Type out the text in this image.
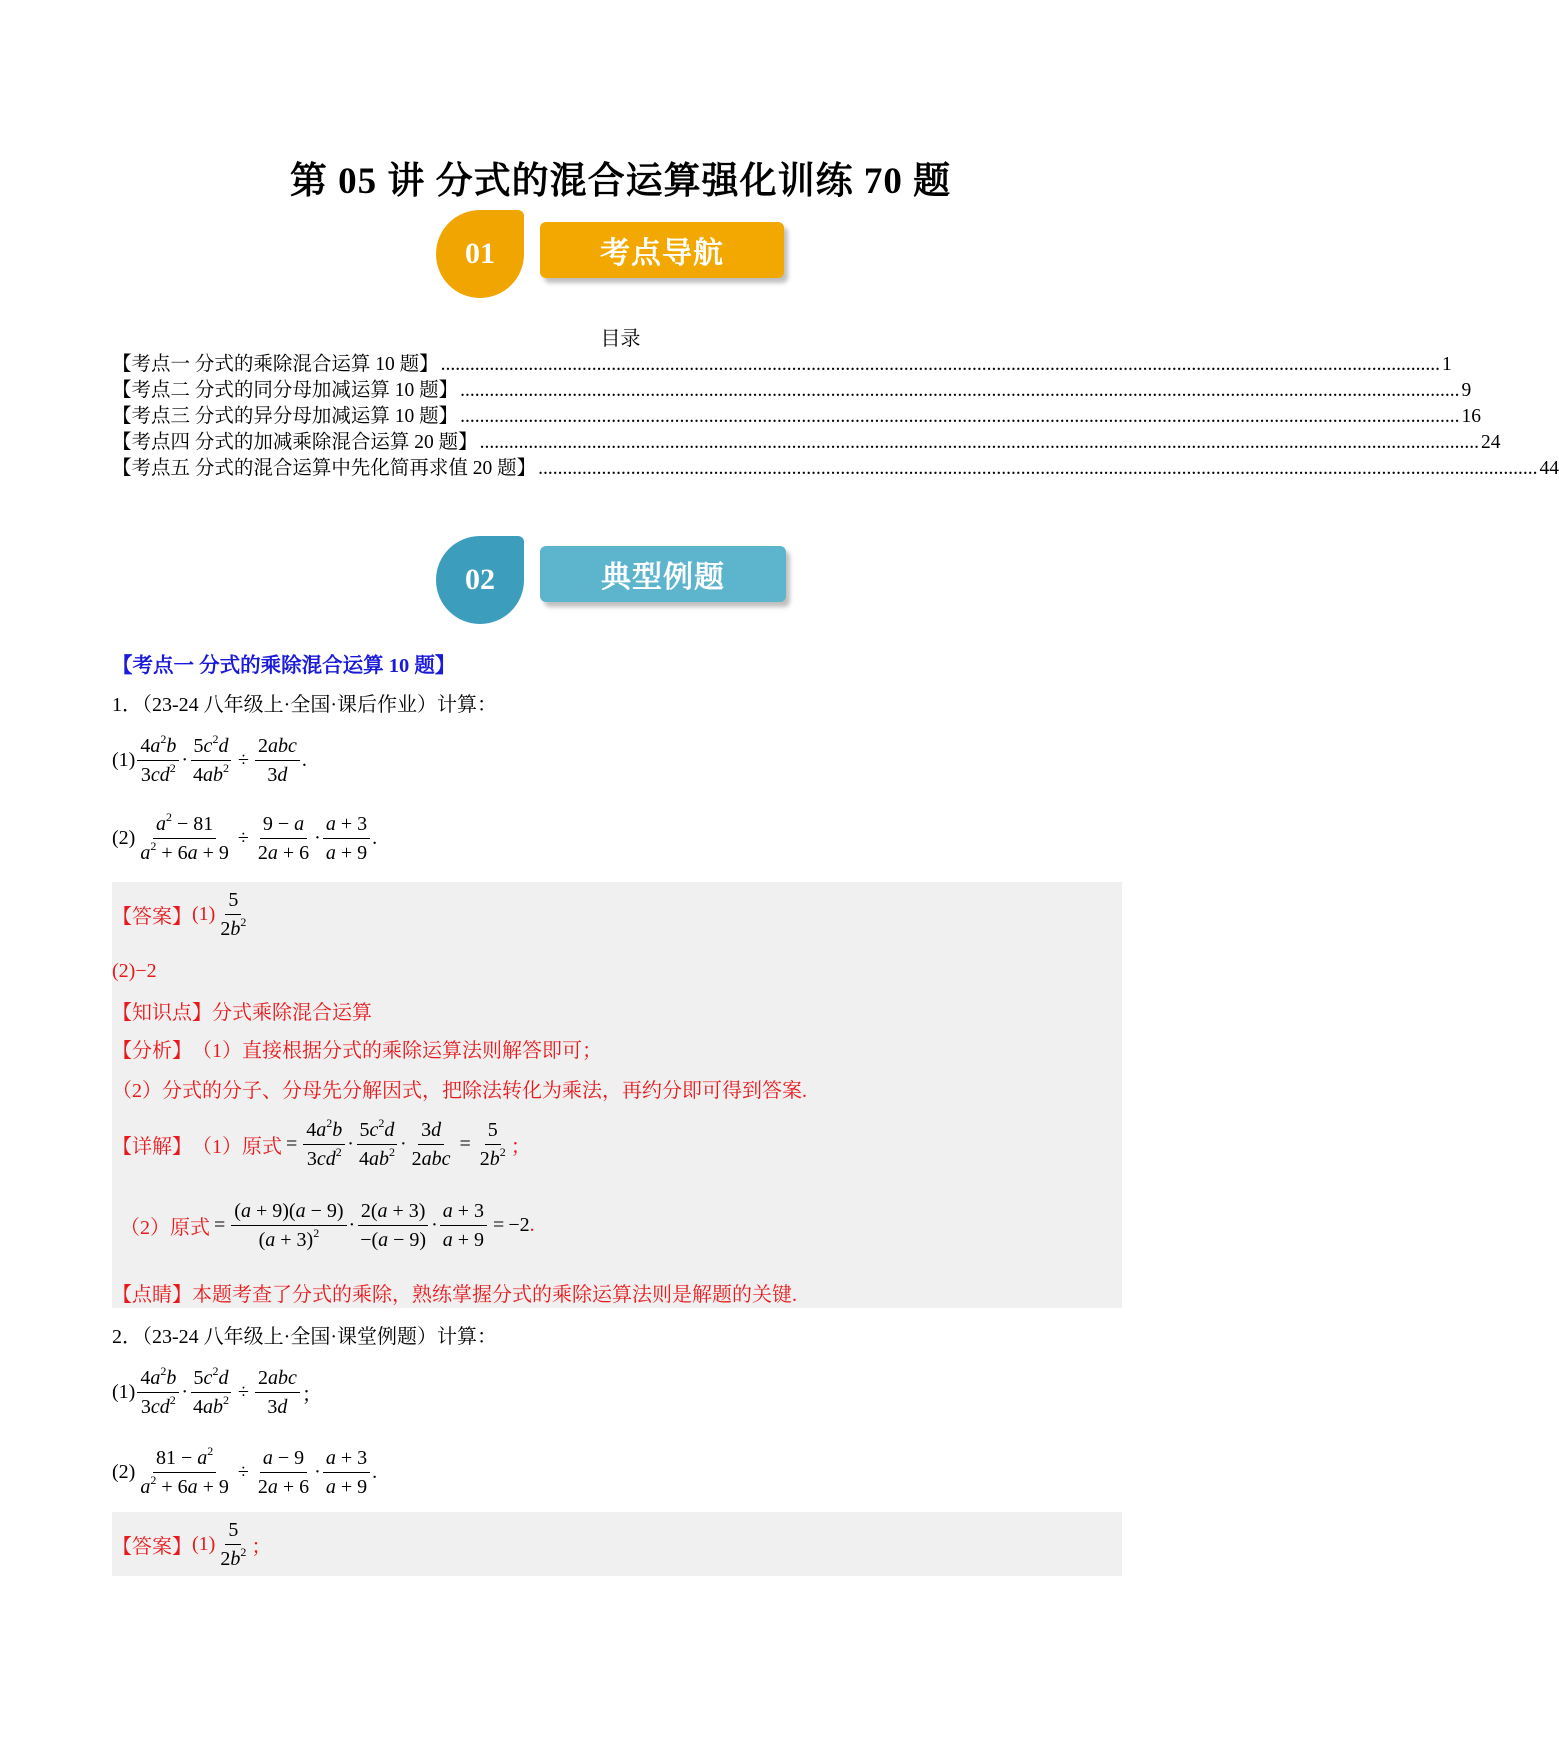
第 05 讲 分式的混合运算强化训练 70 题
01	考点导航
目录
【考点一 分式的乘除混合运算 10 题】 ............................................................................................................................................................................................................. 1
【考点二 分式的同分母加减运算 10 题】 ............................................................................................................................................................................................................. 9
【考点三 分式的异分母加减运算 10 题】 ............................................................................................................................................................................................................. 16
【考点四 分式的加减乘除混合运算 20 题】 ............................................................................................................................................................................................................. 24
【考点五 分式的混合运算中先化简再求值 20 题】 ............................................................................................................................................................................................................. 44
02	典型例题
【考点一 分式的乘除混合运算 10 题】
1．（23-24 八年级上·全国·课后作业）计算：
$(1) \frac{4a^2b}{3cd^2} \cdot \frac{5c^2d}{4ab^2} \div \frac{\text{2abc}}{3d}$ .
$(2) \frac{a^2 - 81}{a^2 + 6a + 9} \div \frac{9 - a}{2a + 6} \cdot \frac{a + 3}{a + 9}$ .
【答案】 $(1) \frac{5}{2b^2}$
(2)−2
【知识点】 分式乘除混合运算
【分析】 （1）直接根据分式的乘除运算法则解答即可；
（2）分式的分子、分母先分解因式，把除法转化为乘法，再约分即可得到答案.
【详解】 （1）原式 = $\frac{4a^2b}{3cd^2} \cdot \frac{5c^2d}{4ab^2} \cdot \frac{3d}{\text{2abc}} = \frac{5}{2b^2}$ ；
（2）原式 = $\frac{(a + 9)(a - 9)}{(a + 3)^2} \cdot \frac{2(a + 3)}{-(a - 9)} \cdot \frac{a + 3}{a + 9} = -2$ .
【点睛】 本题考查了分式的乘除，熟练掌握分式的乘除运算法则是解题的关键.
2．（23-24 八年级上·全国·课堂例题）计算：
$(1) \frac{4a^2b}{3cd^2} \cdot \frac{5c^2d}{4ab^2} \div \frac{\text{2abc}}{3d}$ ；
$(2) \frac{81 - a^2}{a^2 + 6a + 9} \div \frac{a - 9}{2a + 6} \cdot \frac{a + 3}{a + 9}$ .
【答案】 $(1) \frac{5}{2b^2}$ ；
